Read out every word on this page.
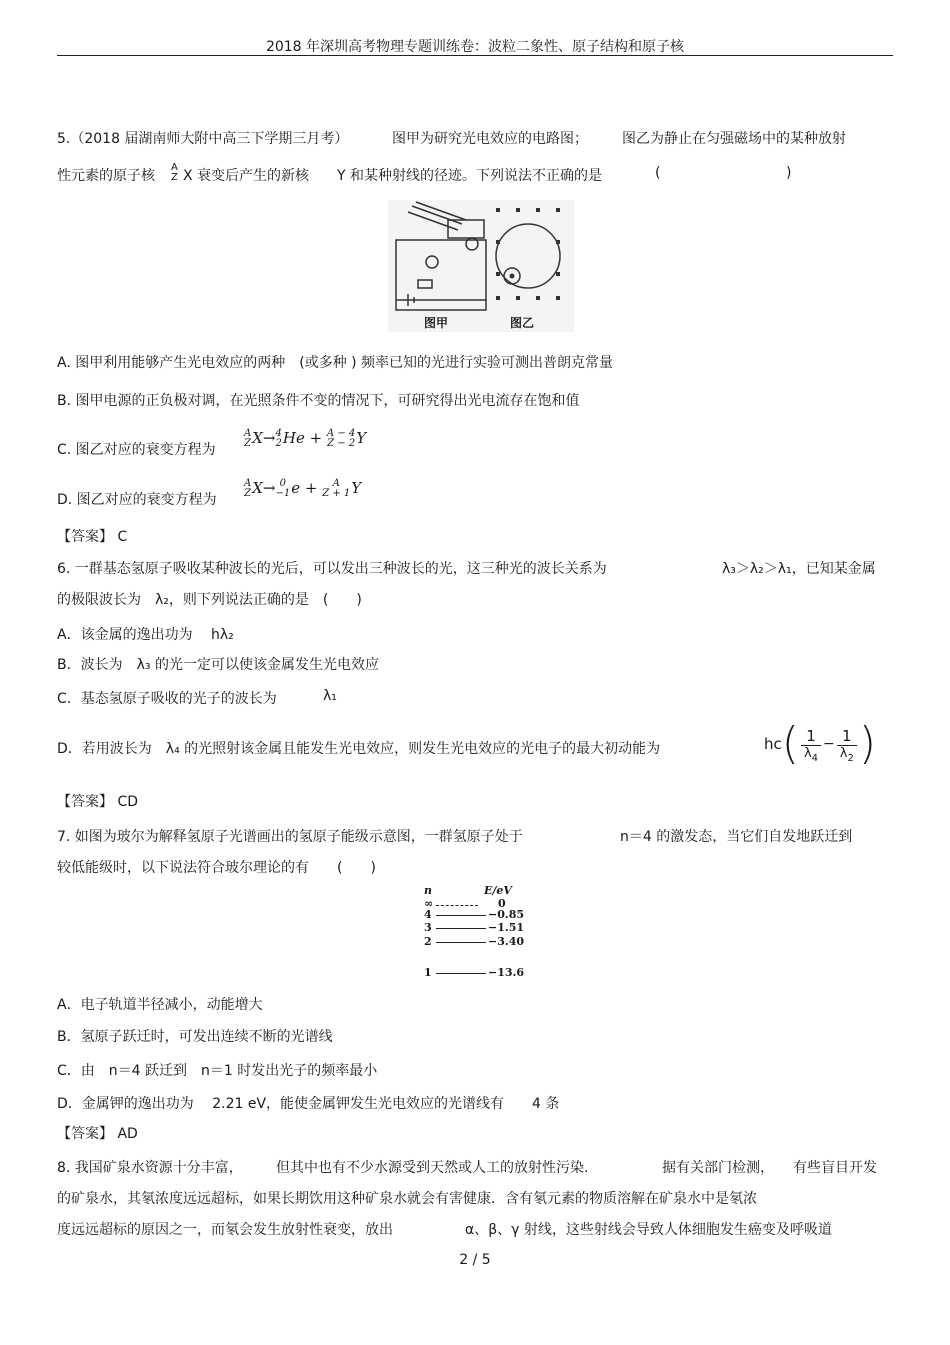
2018 年深圳高考物理专题训练卷：波粒二象性、原子结构和原子核
5.（2018 届湖南师大附中高三下学期三月考）	图甲为研究光电效应的电路图； 图乙为静止在匀强磁场中的某种放射
性元素的原子核
A
Z X 衰变后产生的新核 Y 和某种射线的径迹。下列说法不正确的是	(	)
图甲	图乙
A. 图甲利用能够产生光电效应的两种　(或多种 ) 频率已知的光进行实验可测出普朗克常量
B. 图甲电源的正负极对调，在光照条件不变的情况下，可研究得出光电流存在饱和值
C. 图乙对应的衰变方程为
A
Z X→ 4
2 He + A − 4
Z − 2 Y
D. 图乙对应的衰变方程为
A
Z X→ 0
−1 e +	A
Z + 1 Y
【答案】 C
6. 一群基态氢原子吸收某种波长的光后，可以发出三种波长的光，这三种光的波长关系为	λ₃＞λ₂＞λ₁，已知某金属
的极限波长为　λ₂，则下列说法正确的是　(　　)
A．该金属的逸出功为　 hλ₂
B．波长为　λ₃ 的光一定可以使该金属发生光电效应
C．基态氢原子吸收的光子的波长为	λ₁
D．若用波长为　λ₄ 的光照射该金属且能发生光电效应，则发生光电效应的光电子的最大初动能为	$hc( \frac{1}{\lambda_4} - \frac{1}{\lambda_2}$ )
【答案】 CD
7. 如图为玻尔为解释氢原子光谱画出的氢原子能级示意图，一群氢原子处于	n＝4 的激发态，当它们自发地跃迁到
较低能级时，以下说法符合玻尔理论的有　　(　　)
n	E/eV
∞	0
4	−0.85
3	−1.51
2	−3.40
1	−13.6
A．电子轨道半径减小，动能增大
B．氢原子跃迁时，可发出连续不断的光谱线
C．由　n＝4 跃迁到　n＝1 时发出光子的频率最小
D．金属钾的逸出功为　 2.21 eV，能使金属钾发生光电效应的光谱线有　　4 条
【答案】 AD
8. 我国矿泉水资源十分丰富， 但其中也有不少水源受到天然或人工的放射性污染.	据有关部门检测， 有些盲目开发
的矿泉水，其氡浓度远远超标，如果长期饮用这种矿泉水就会有害健康．含有氡元素的物质溶解在矿泉水中是氡浓
度远远超标的原因之一，而氡会发生放射性衰变，放出	α、β、γ 射线，这些射线会导致人体细胞发生癌变及呼吸道
2 / 5
